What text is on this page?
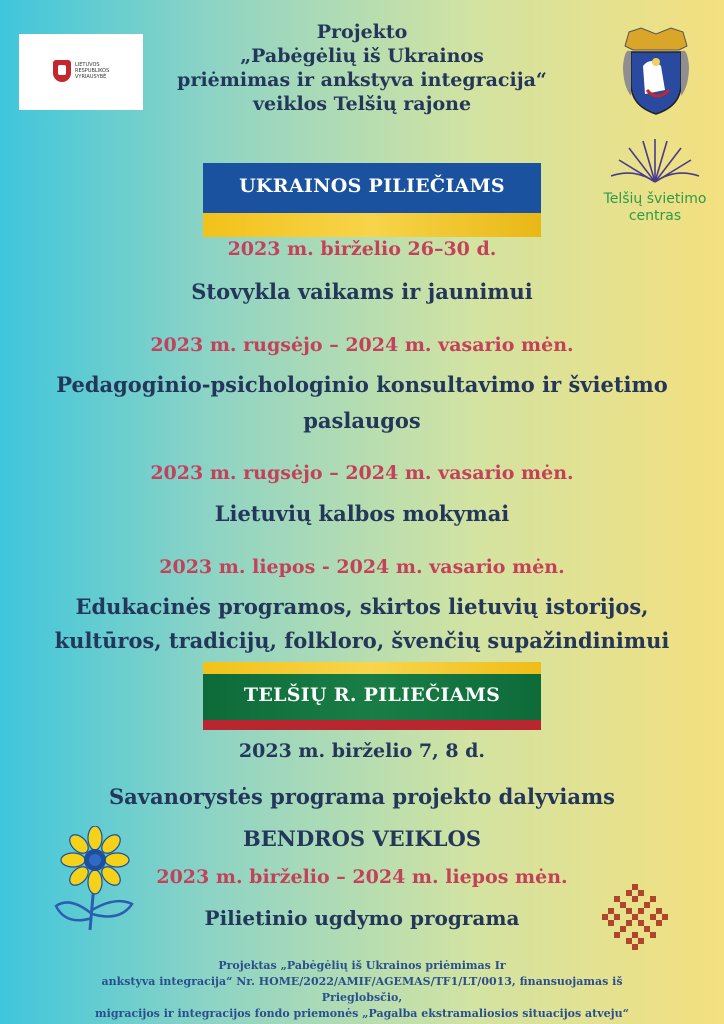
LIETUVOS RESPUBLIKOS VYRIAUSYBĖ
Projekto
„Pabėgėlių iš Ukrainos
priėmimas ir ankstyva integracija“
veiklos Telšių rajone
Telšių švietimo
centras
UKRAINOS PILIEČIAMS
2023 m. birželio 26–30 d.
Stovykla vaikams ir jaunimui
2023 m. rugsėjo – 2024 m. vasario mėn.
Pedagoginio-psichologinio konsultavimo ir švietimo
paslaugos
2023 m. rugsėjo – 2024 m. vasario mėn.
Lietuvių kalbos mokymai
2023 m. liepos - 2024 m. vasario mėn.
Edukacinės programos, skirtos lietuvių istorijos,
kultūros, tradicijų, folkloro, švenčių supažindinimui
TELŠIŲ R. PILIEČIAMS
2023 m. birželio 7, 8 d.
Savanorystės programa projekto dalyviams
BENDROS VEIKLOS
2023 m. birželio – 2024 m. liepos mėn.
Pilietinio ugdymo programa
Projektas „Pabėgėlių iš Ukrainos priėmimas Ir
ankstyva integracija“ Nr. HOME/2022/AMIF/AGEMAS/TF1/LT/0013, finansuojamas iš Prieglobsčio,
migracijos ir integracijos fondo priemonės „Pagalba ekstramaliosios situacijos atveju“
